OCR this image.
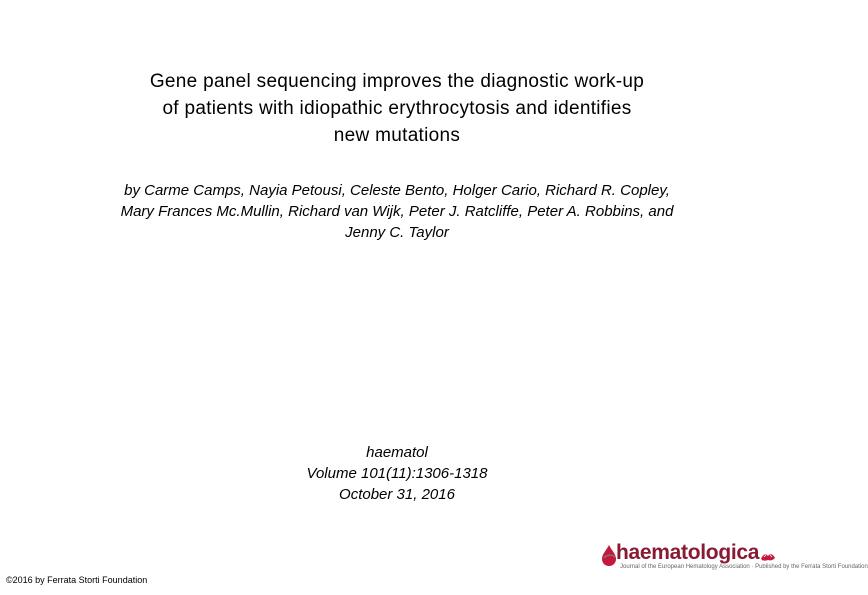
Gene panel sequencing improves the diagnostic work-up
of patients with idiopathic erythrocytosis and identifies
new mutations
by Carme Camps, Nayia Petousi, Celeste Bento, Holger Cario, Richard R. Copley,
Mary Frances Mc.Mullin, Richard van Wijk, Peter J. Ratcliffe, Peter A. Robbins, and
Jenny C. Taylor
haematol
Volume 101(11):1306-1318
October 31, 2016
©2016 by Ferrata Storti Foundation
haematologica
Journal of the European Hematology Association · Published by the Ferrata Storti Foundation
